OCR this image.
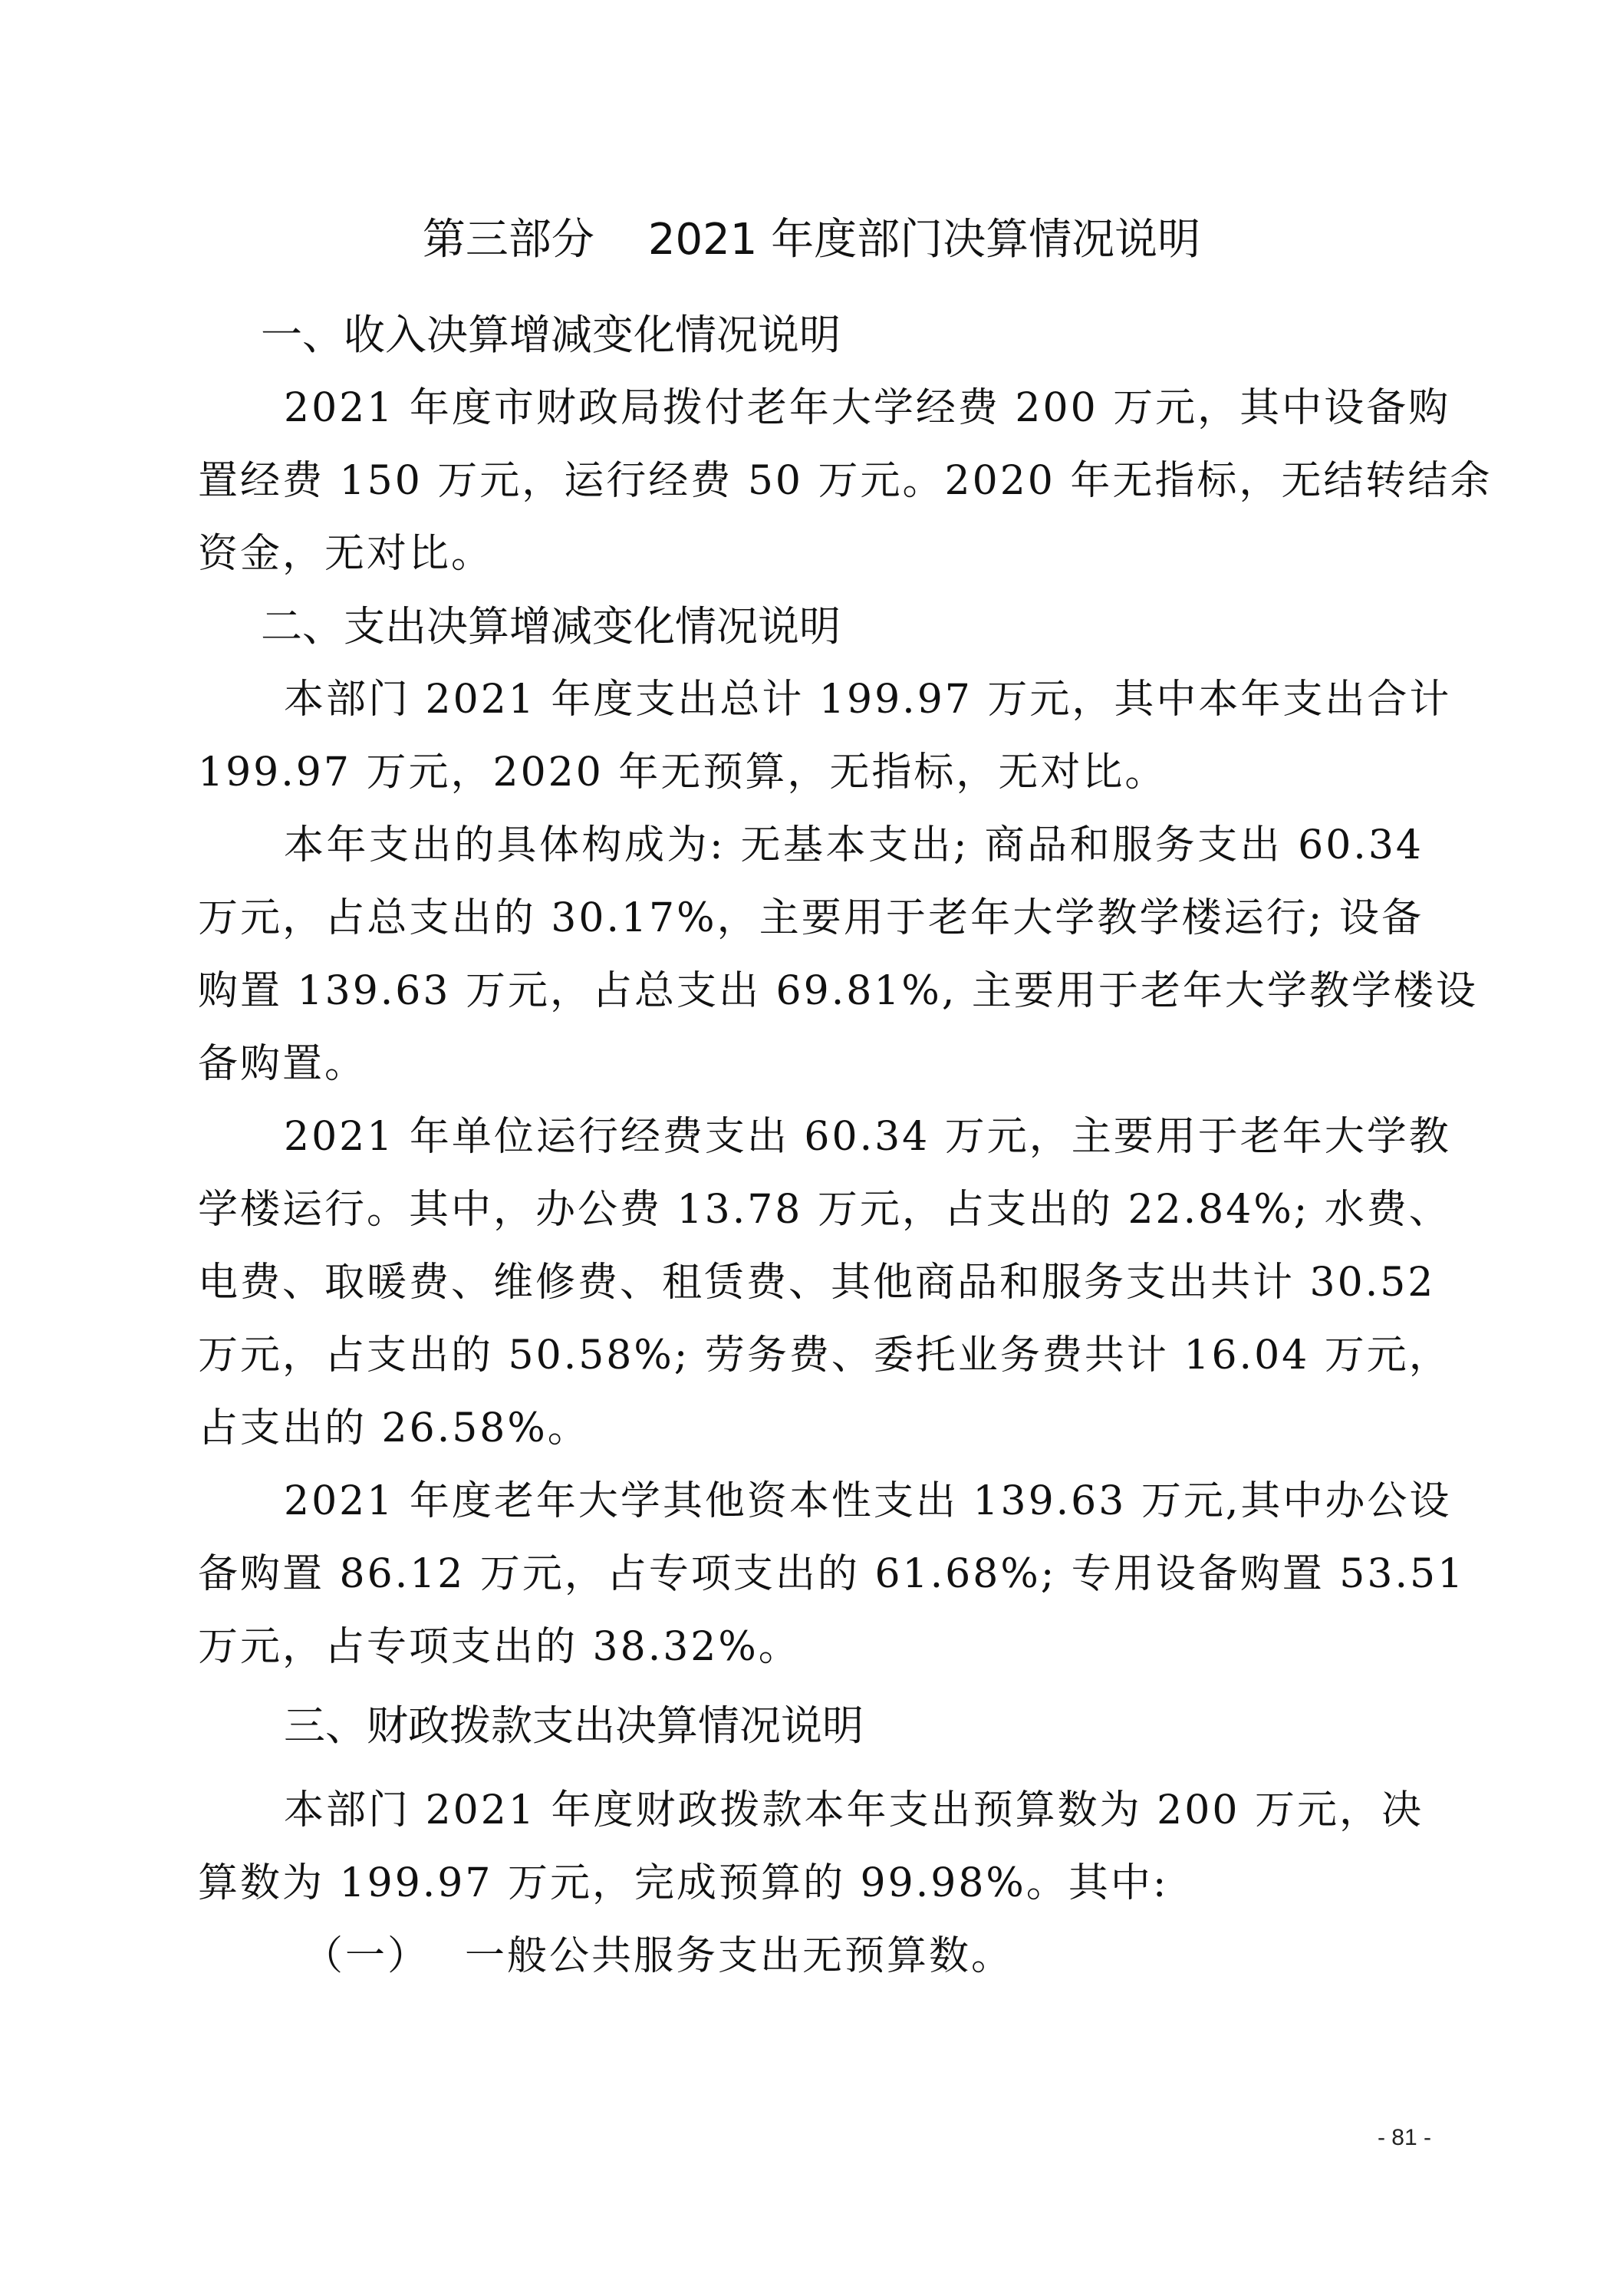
第三部分 2021 年度部门决算情况说明
一、收入决算增减变化情况说明
2021 年度市财政局拨付老年大学经费 200 万元，其中设备购
置经费 150 万元，运行经费 50 万元。2020 年无指标，无结转结余
资金，无对比。
二、支出决算增减变化情况说明
本部门 2021 年度支出总计 199.97 万元，其中本年支出合计
199.97 万元，2020 年无预算，无指标，无对比。
本年支出的具体构成为: 无基本支出; 商品和服务支出 60.34
万元，占总支出的 30.17%，主要用于老年大学教学楼运行; 设备
购置 139.63 万元，占总支出 69.81%, 主要用于老年大学教学楼设
备购置。
2021 年单位运行经费支出 60.34 万元，主要用于老年大学教
学楼运行。其中，办公费 13.78 万元，占支出的 22.84%; 水费、
电费、取暖费、维修费、租赁费、其他商品和服务支出共计 30.52
万元，占支出的 50.58%; 劳务费、委托业务费共计 16.04 万元，
占支出的 26.58%。
2021 年度老年大学其他资本性支出 139.63 万元,其中办公设
备购置 86.12 万元，占专项支出的 61.68%; 专用设备购置 53.51
万元，占专项支出的 38.32%。
三、财政拨款支出决算情况说明
本部门 2021 年度财政拨款本年支出预算数为 200 万元，决
算数为 199.97 万元，完成预算的 99.98%。其中:
（一） 一般公共服务支出无预算数。
- 81 -
